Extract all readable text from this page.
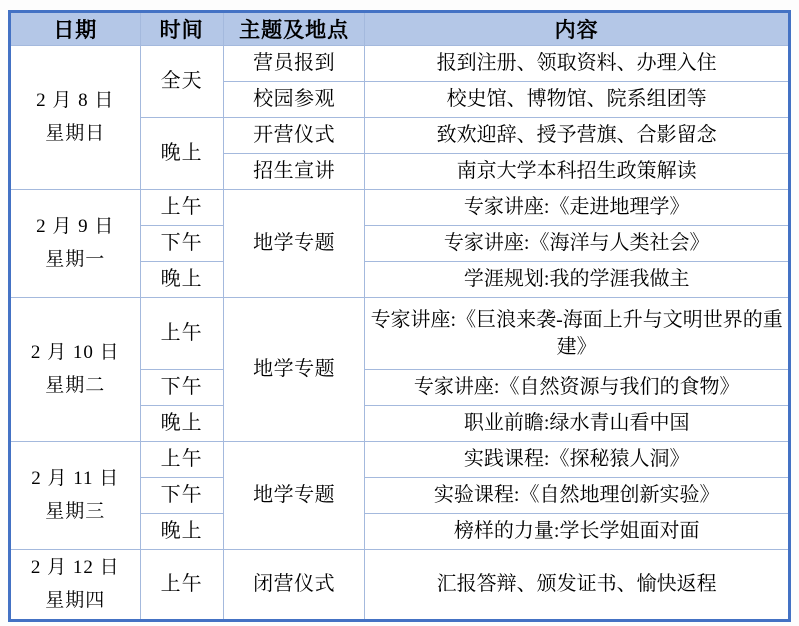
日期	时间	主题及地点	内容

2 月 8 日
星期日	全天	营员报到	报到注册、领取资料、办理入住
		校园参观	校史馆、博物馆、院系组团等
	晚上	开营仪式	致欢迎辞、授予营旗、合影留念
		招生宣讲	南京大学本科招生政策解读

2 月 9 日
星期一	上午	地学专题	专家讲座:《走进地理学》
	下午		专家讲座:《海洋与人类社会》
	晚上		学涯规划:我的学涯我做主

2 月 10 日
星期二	上午	地学专题	专家讲座:《巨浪来袭-海面上升与文明世界的重建》
	下午		专家讲座:《自然资源与我们的食物》
	晚上		职业前瞻:绿水青山看中国

2 月 11 日
星期三	上午	地学专题	实践课程:《探秘猿人洞》
	下午		实验课程:《自然地理创新实验》
	晚上		榜样的力量:学长学姐面对面

2 月 12 日
星期四	上午	闭营仪式	汇报答辩、颁发证书、愉快返程
